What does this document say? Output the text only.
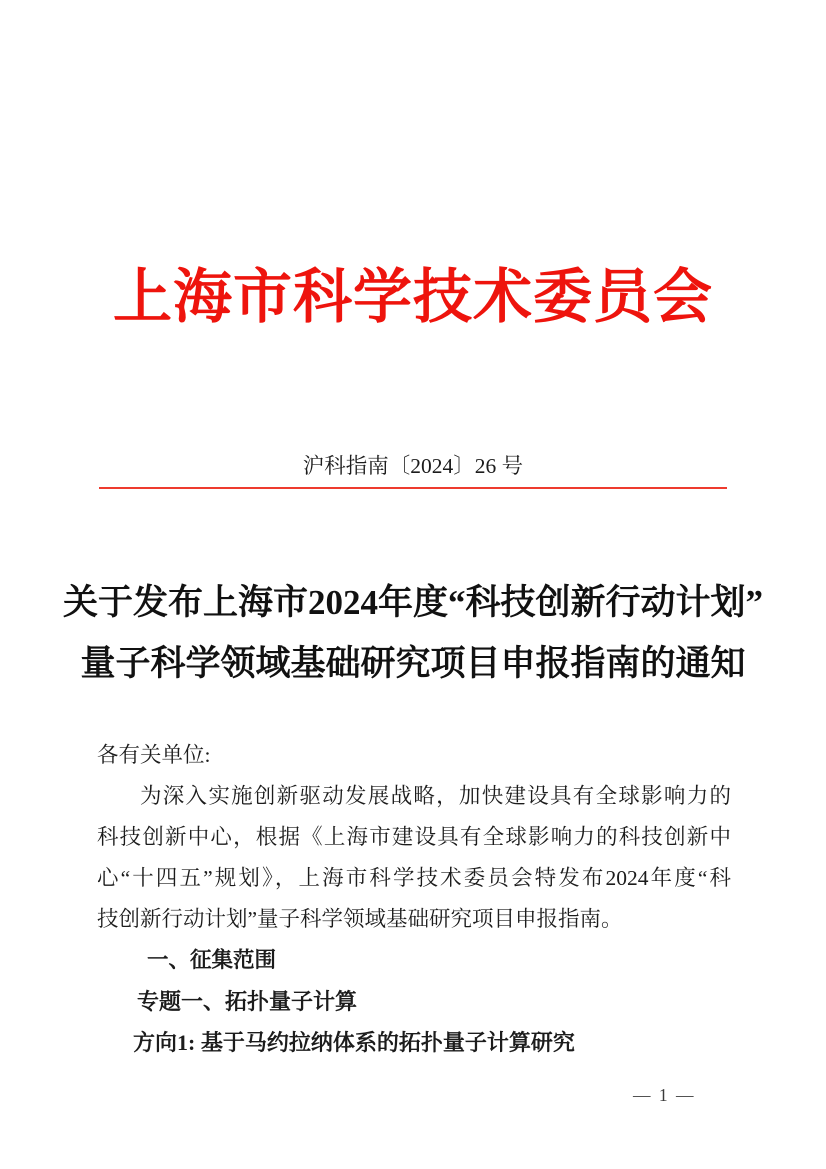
上海市科学技术委员会
沪科指南〔2024〕26 号
关于发布上海市2024年度“科技创新行动计划”
量子科学领域基础研究项目申报指南的通知

各有关单位:

为深入实施创新驱动发展战略，加快建设具有全球影响力的

科技创新中心，根据《上海市建设具有全球影响力的科技创新中

心“十四五”规划》，上海市科学技术委员会特发布2024年度“科

技创新行动计划”量子科学领域基础研究项目申报指南。

一、征集范围

专题一、拓扑量子计算

方向1: 基于马约拉纳体系的拓扑量子计算研究

— 1 —
